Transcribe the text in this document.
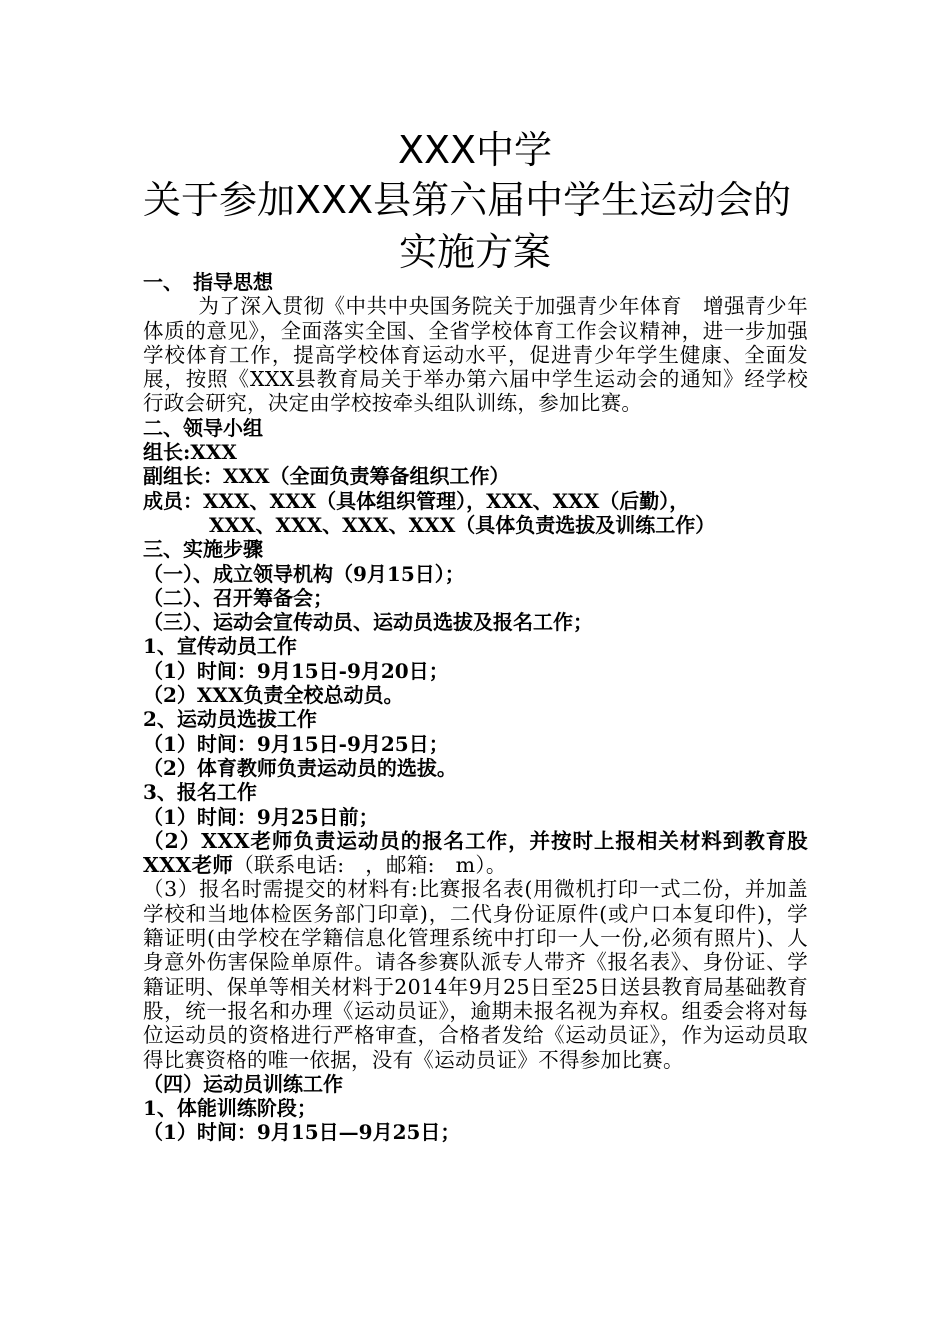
XXX中学
关于参加XXX县第六届中学生运动会的
实施方案
一、　指导思想
为了深入贯彻《中共中央国务院关于加强青少年体育　增强青少年体质的意见》，全面落实全国、全省学校体育工作会议精神，进一步加强学校体育工作，提高学校体育运动水平，促进青少年学生健康、全面发展，按照《XXX县教育局关于举办第六届中学生运动会的通知》经学校行政会研究，决定由学校按牵头组队训练，参加比赛。
二、领导小组
组长:XXX
副组长：XXX（全面负责筹备组织工作）
成员：XXX、XXX（具体组织管理），XXX、XXX（后勤），
XXX、XXX、XXX、XXX（具体负责选拔及训练工作）
三、实施步骤
（一）、成立领导机构（9月15日）；
（二）、召开筹备会；
（三）、运动会宣传动员、运动员选拔及报名工作；
1、宣传动员工作
（1）时间：9月15日-9月20日；
（2）XXX负责全校总动员。
2、运动员选拔工作
（1）时间：9月15日-9月25日；
（2）体育教师负责运动员的选拔。
3、报名工作
（1）时间：9月25日前；
（2）XXX老师负责运动员的报名工作，并按时上报相关材料到教育股XXX老师（联系电话:　，邮箱:　m）。
（3）报名时需提交的材料有:比赛报名表(用微机打印一式二份，并加盖学校和当地体检医务部门印章)，二代身份证原件(或户口本复印件)，学籍证明(由学校在学籍信息化管理系统中打印一人一份,必须有照片)、人身意外伤害保险单原件。请各参赛队派专人带齐《报名表》、身份证、学籍证明、保单等相关材料于2014年9月25日至25日送县教育局基础教育股，统一报名和办理《运动员证》，逾期未报名视为弃权。组委会将对每位运动员的资格进行严格审查，合格者发给《运动员证》，作为运动员取得比赛资格的唯一依据，没有《运动员证》不得参加比赛。
（四）运动员训练工作
1、体能训练阶段；
（1）时间：9月15日—9月25日；
